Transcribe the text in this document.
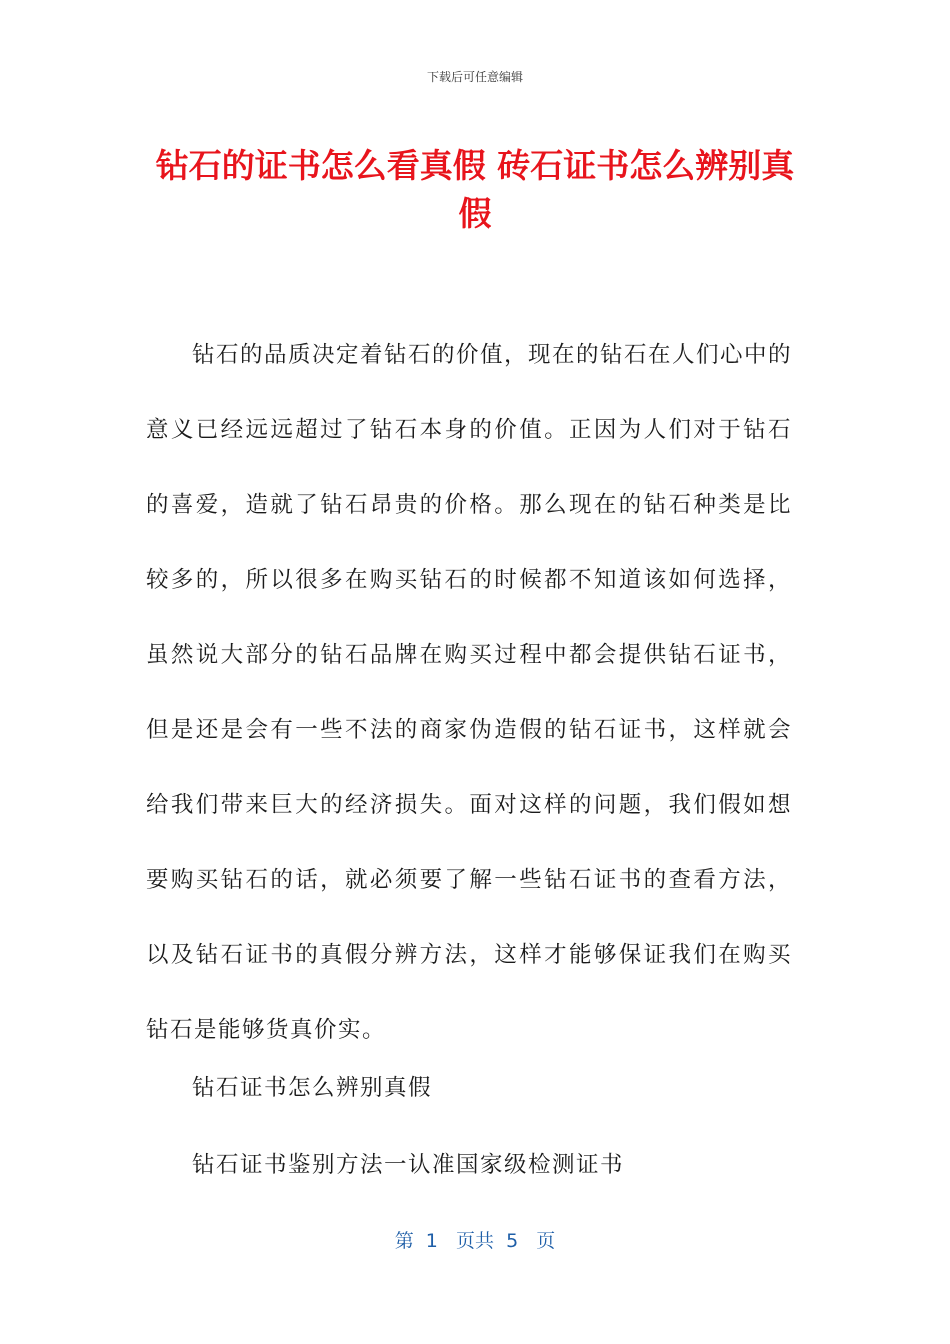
下载后可任意编辑
钻石的证书怎么看真假 砖石证书怎么辨别真假

钻石的品质决定着钻石的价值，现在的钻石在人们心中的意义已经远远超过了钻石本身的价值。正因为人们对于钻石的喜爱，造就了钻石昂贵的价格。那么现在的钻石种类是比较多的，所以很多在购买钻石的时候都不知道该如何选择，虽然说大部分的钻石品牌在购买过程中都会提供钻石证书，但是还是会有一些不法的商家伪造假的钻石证书，这样就会给我们带来巨大的经济损失。面对这样的问题，我们假如想要购买钻石的话，就必须要了解一些钻石证书的查看方法，以及钻石证书的真假分辨方法，这样才能够保证我们在购买钻石是能够货真价实。

钻石证书怎么辨别真假

钻石证书鉴别方法一认准国家级检测证书

第  1   页共  5   页
